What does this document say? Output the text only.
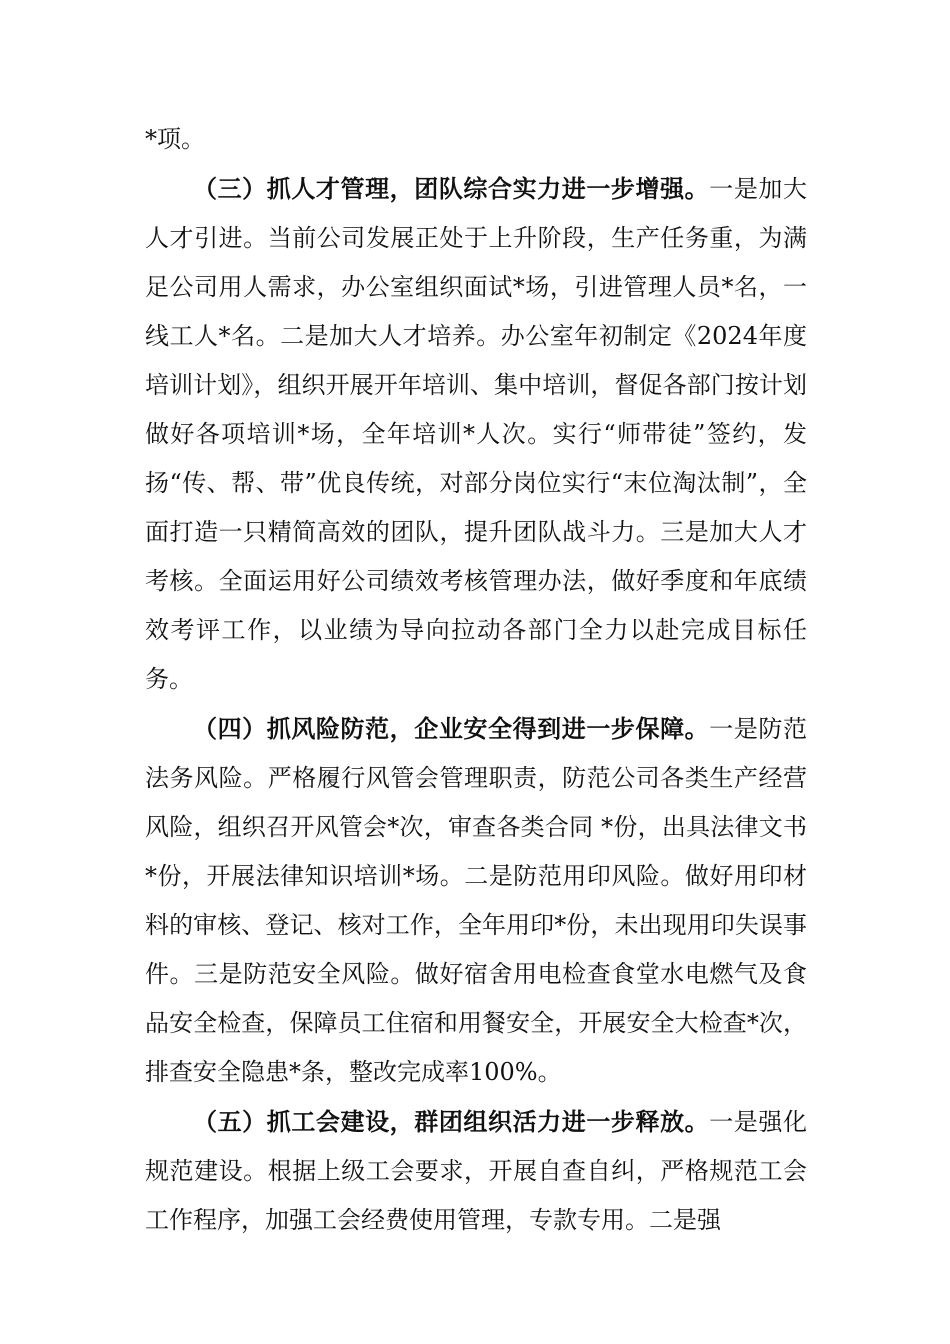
*项。

（三）抓人才管理，团队综合实力进一步增强。一是加大人才引进。当前公司发展正处于上升阶段，生产任务重，为满足公司用人需求，办公室组织面试*场，引进管理人员*名，一线工人*名。二是加大人才培养。办公室年初制定《2024年度培训计划》，组织开展开年培训、集中培训，督促各部门按计划做好各项培训*场，全年培训*人次。实行“师带徒”签约，发扬“传、帮、带”优良传统，对部分岗位实行“末位淘汰制”，全面打造一只精简高效的团队，提升团队战斗力。三是加大人才考核。全面运用好公司绩效考核管理办法，做好季度和年底绩效考评工作，以业绩为导向拉动各部门全力以赴完成目标任务。

（四）抓风险防范，企业安全得到进一步保障。一是防范法务风险。严格履行风管会管理职责，防范公司各类生产经营风险，组织召开风管会*次，审查各类合同 *份，出具法律文书*份，开展法律知识培训*场。二是防范用印风险。做好用印材料的审核、登记、核对工作，全年用印*份，未出现用印失误事件。三是防范安全风险。做好宿舍用电检查食堂水电燃气及食品安全检查，保障员工住宿和用餐安全，开展安全大检查*次，排查安全隐患*条，整改完成率100%。

（五）抓工会建设，群团组织活力进一步释放。一是强化规范建设。根据上级工会要求，开展自查自纠，严格规范工会工作程序，加强工会经费使用管理，专款专用。二是强
